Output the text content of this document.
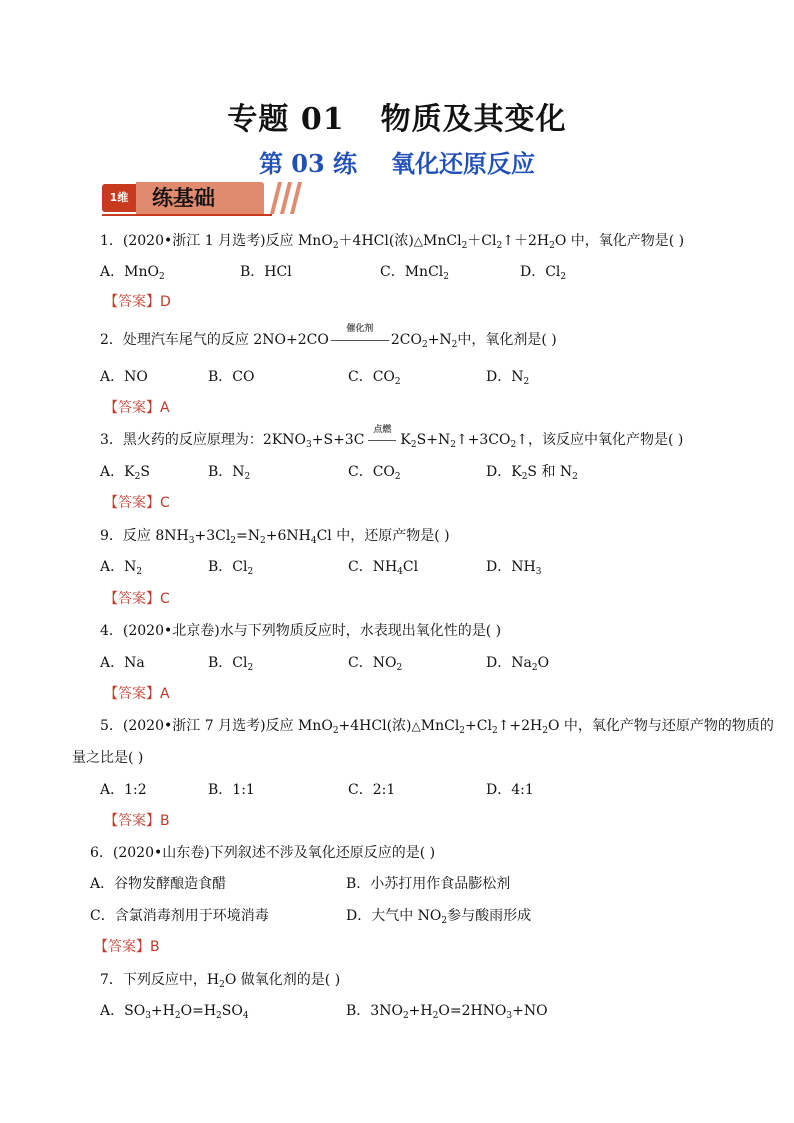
专题 01 物质及其变化
第 03 练 氧化还原反应
1维	练基础
1．(2020•浙江 1 月选考)反应 MnO$_2$＋4HCl(浓)$\triangle MnCl_2+Cl_2↑+2H_2O$ 中，氧化产物是( )
A．MnO$_2$	B．HCl	C．MnCl$_2$	D．$Cl_2$
【答案】D
2．处理汽车尾气的反应 2NO+2CO
催化剂
$2CO_2+N_2$中，氧化剂是( )
A．NO	B．CO	C．$CO_2$	D．$N_2$
【答案】A
3．黑火药的反应原理为：$2KNO_3+S+3C$
点燃
$K_2S+N_2↑+3CO_2↑$，该反应中氧化产物是( )
A．$K_2S$	B．$N_2$	C．$CO_2$	D．$K_2S$ 和 $N_2$
【答案】C
9．反应 $8NH_3+3Cl_2=N_2+6NH_4Cl$ 中，还原产物是( )
A．$N_2$	B．$Cl_2$	C．$NH_4Cl$	D．$NH_3$
【答案】C
4．(2020•北京卷)水与下列物质反应时，水表现出氧化性的是( )
A．Na	B．$Cl_2$	C．$NO_2$	D．$Na_2O$
【答案】A
5．(2020•浙江 7 月选考)反应 MnO$_2$+4HCl(浓)$\triangle MnCl_2+Cl_2↑+2H_2O$ 中，氧化产物与还原产物的物质的
量之比是( )
A．1:2	B．1:1	C．2:1	D．4:1
【答案】B
6．(2020•山东卷)下列叙述不涉及氧化还原反应的是( )
A．谷物发酵酿造食醋	B．小苏打用作食品膨松剂
C．含氯消毒剂用于环境消毒	D．大气中 $NO_2$参与酸雨形成
【答案】B
7．下列反应中，$H_2O$ 做氧化剂的是( )
A．$SO_3+H_2O=H_2SO_4$	B．$3NO_2+H_2O=2HNO_3+NO$
